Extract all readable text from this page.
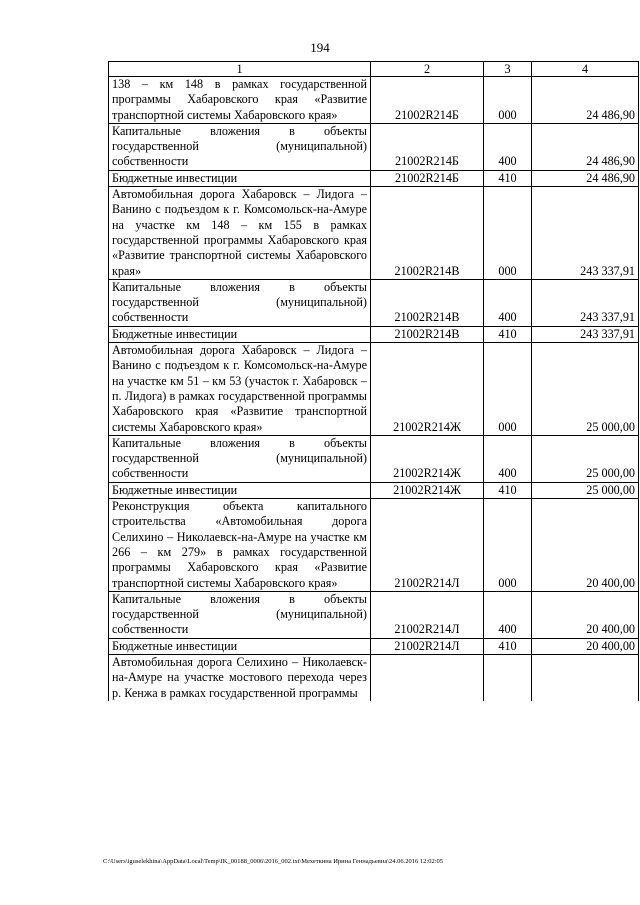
194
1	2	3	4

138 – км 148 в рамках государственной программы Хабаровского края «Развитие транспортной системы Хабаровского края»	21002R214Б	000	24 486,90

Капитальные вложения в объекты государственной (муниципальной) собственности	21002R214Б	400	24 486,90

Бюджетные инвестиции	21002R214Б	410	24 486,90

Автомобильная дорога Хабаровск – Лидога – Ванино с подъездом к г. Комсомольск-на-Амуре на участке км 148 – км 155 в рамках государственной программы Хабаровского края «Развитие транспортной системы Хабаровского края»	21002R214В	000	243 337,91

Капитальные вложения в объекты государственной (муниципальной) собственности	21002R214В	400	243 337,91

Бюджетные инвестиции	21002R214В	410	243 337,91

Автомобильная дорога Хабаровск – Лидога – Ванино с подъездом к г. Комсомольск-на-Амуре на участке км 51 – км 53 (участок г. Хабаровск – п. Лидога) в рамках государственной программы Хабаровского края «Развитие транспортной системы Хабаровского края»	21002R214Ж	000	25 000,00

Капитальные вложения в объекты государственной (муниципальной) собственности	21002R214Ж	400	25 000,00

Бюджетные инвестиции	21002R214Ж	410	25 000,00

Реконструкция объекта капитального строительства «Автомобильная дорога Селихино – Николаевск-на-Амуре на участке км 266 – км 279» в рамках государственной программы Хабаровского края «Развитие транспортной системы Хабаровского края»	21002R214Л	000	20 400,00

Капитальные вложения в объекты государственной (муниципальной) собственности	21002R214Л	400	20 400,00

Бюджетные инвестиции	21002R214Л	410	20 400,00

Автомобильная дорога Селихино – Николаевск-на-Амуре на участке мостового перехода через р. Кенжа в рамках государственной программы			

C:\Users\iguselekhina\AppData\Local\Temp\IK_00188_0006\2016_002.txt\Мехеткина Ирина Геннадьевна\24.06.2016 12:02:05
